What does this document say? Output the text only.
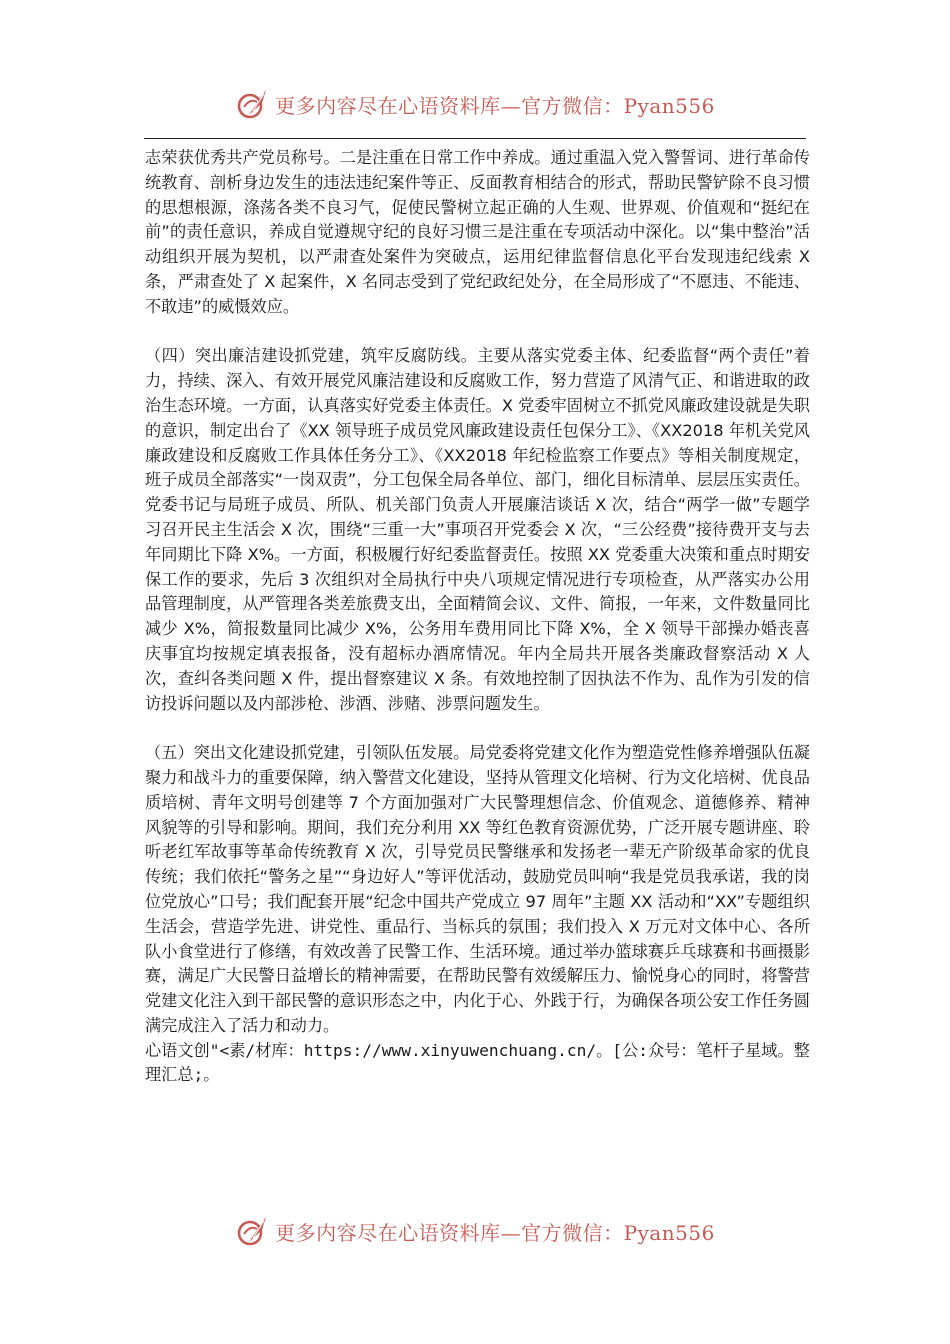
更多内容尽在心语资料库—官方微信：Pyan556

志荣获优秀共产党员称号。二是注重在日常工作中养成。通过重温入党入警誓词、进行革命传统教育、剖析身边发生的违法违纪案件等正、反面教育相结合的形式，帮助民警铲除不良习惯的思想根源，涤荡各类不良习气，促使民警树立起正确的人生观、世界观、价值观和“挺纪在前”的责任意识，养成自觉遵规守纪的良好习惯三是注重在专项活动中深化。以“集中整治”活动组织开展为契机，以严肃查处案件为突破点，运用纪律监督信息化平台发现违纪线索 X 条，严肃查处了 X 起案件，X 名同志受到了党纪政纪处分，在全局形成了“不愿违、不能违、不敢违”的威慑效应。

（四）突出廉洁建设抓党建，筑牢反腐防线。主要从落实党委主体、纪委监督“两个责任”着力，持续、深入、有效开展党风廉洁建设和反腐败工作，努力营造了风清气正、和谐进取的政治生态环境。一方面，认真落实好党委主体责任。X 党委牢固树立不抓党风廉政建设就是失职的意识，制定出台了《XX 领导班子成员党风廉政建设责任包保分工》、《XX2018 年机关党风廉政建设和反腐败工作具体任务分工》、《XX2018 年纪检监察工作要点》等相关制度规定，班子成员全部落实“一岗双责”，分工包保全局各单位、部门，细化目标清单、层层压实责任。党委书记与局班子成员、所队、机关部门负责人开展廉洁谈话 X 次，结合“两学一做”专题学习召开民主生活会 X 次，围绕“三重一大”事项召开党委会 X 次，“三公经费”接待费开支与去年同期比下降 X%。一方面，积极履行好纪委监督责任。按照 XX 党委重大决策和重点时期安保工作的要求，先后 3 次组织对全局执行中央八项规定情况进行专项检查，从严落实办公用品管理制度，从严管理各类差旅费支出，全面精简会议、文件、简报，一年来，文件数量同比减少 X%，简报数量同比减少 X%，公务用车费用同比下降 X%，全 X 领导干部操办婚丧喜庆事宜均按规定填表报备，没有超标办酒席情况。年内全局共开展各类廉政督察活动 X 人次，查纠各类问题 X 件，提出督察建议 X 条。有效地控制了因执法不作为、乱作为引发的信访投诉问题以及内部涉枪、涉酒、涉赌、涉票问题发生。

（五）突出文化建设抓党建，引领队伍发展。局党委将党建文化作为塑造党性修养增强队伍凝聚力和战斗力的重要保障，纳入警营文化建设，坚持从管理文化培树、行为文化培树、优良品质培树、青年文明号创建等 7 个方面加强对广大民警理想信念、价值观念、道德修养、精神风貌等的引导和影响。期间，我们充分利用 XX 等红色教育资源优势，广泛开展专题讲座、聆听老红军故事等革命传统教育 X 次，引导党员民警继承和发扬老一辈无产阶级革命家的优良传统；我们依托“警务之星”“身边好人”等评优活动，鼓励党员叫响“我是党员我承诺，我的岗位党放心”口号；我们配套开展“纪念中国共产党成立 97 周年”主题 XX 活动和“XX”专题组织生活会，营造学先进、讲党性、重品行、当标兵的氛围；我们投入 X 万元对文体中心、各所队小食堂进行了修缮，有效改善了民警工作、生活环境。通过举办篮球赛乒乓球赛和书画摄影赛，满足广大民警日益增长的精神需要，在帮助民警有效缓解压力、愉悦身心的同时，将警营党建文化注入到干部民警的意识形态之中，内化于心、外践于行，为确保各项公安工作任务圆满完成注入了活力和动力。

心语文创"<素/材库：https://www.xinyuwenchuang.cn/。[公:众号：笔杆子星域。整理汇总;。

更多内容尽在心语资料库—官方微信：Pyan556
